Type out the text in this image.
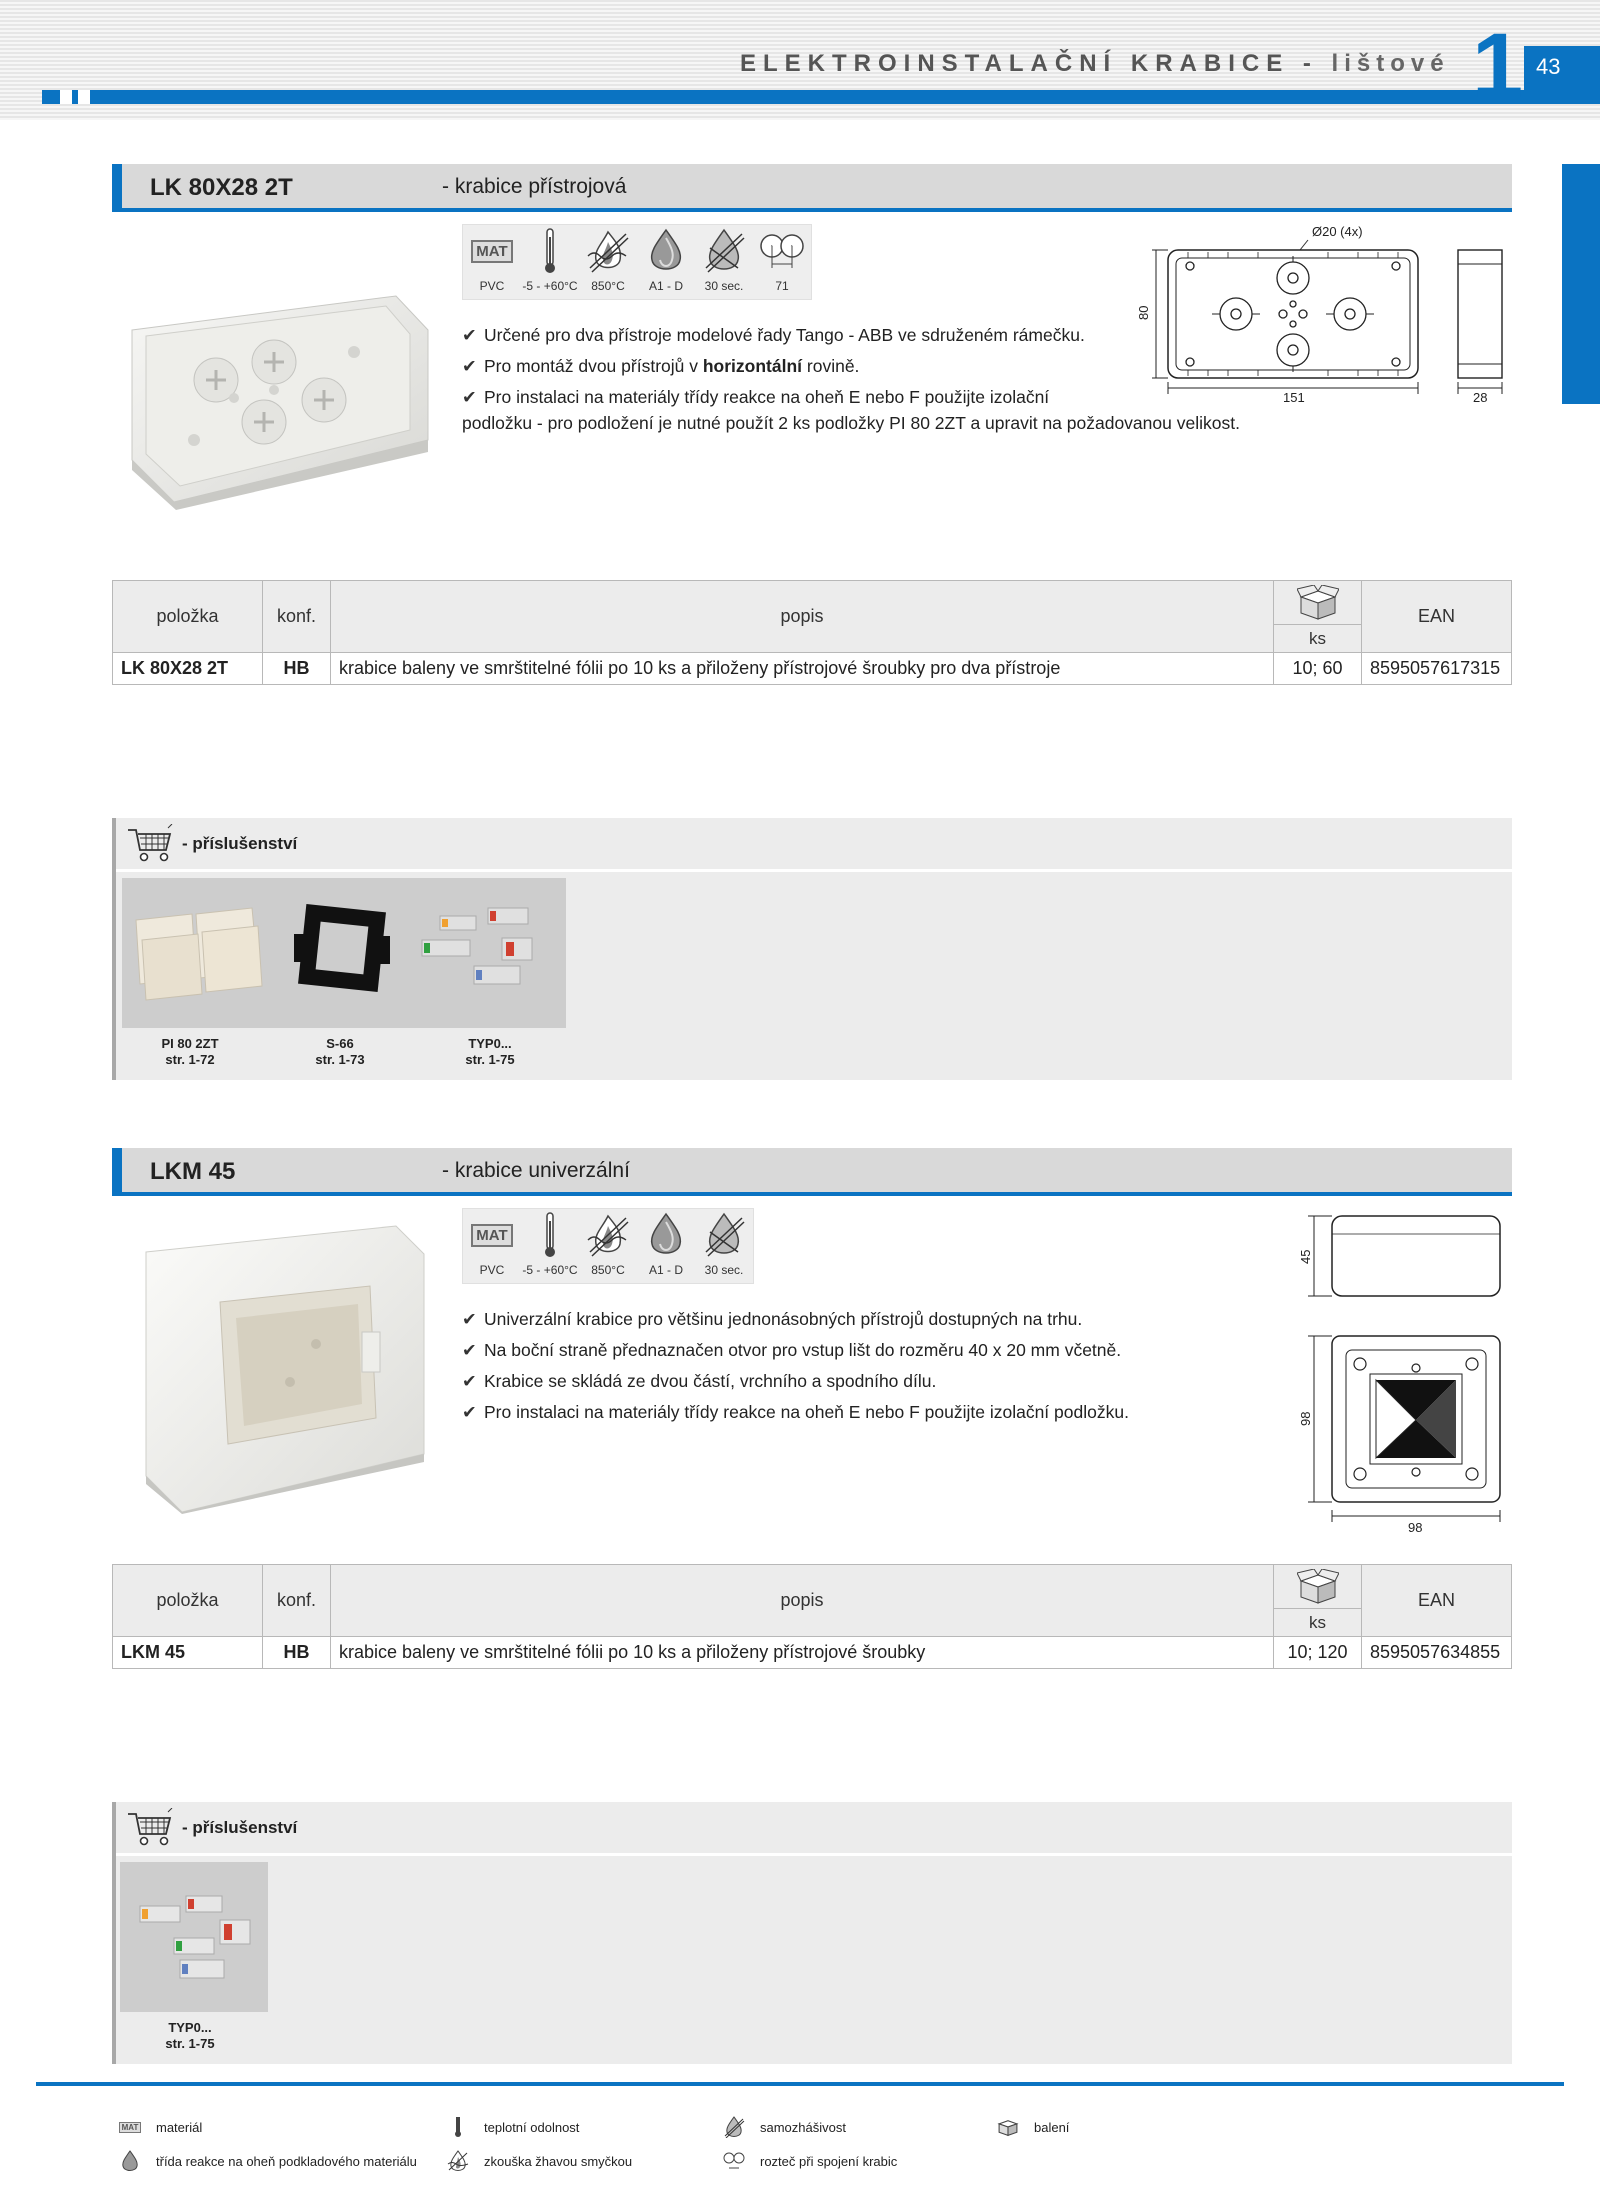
ELEKTROINSTALAČNÍ KRABICE - lištové 1 43
LK 80X28 2T	- krabice přístrojová
MAT
PVC -5 - +60°C 850°C A1 - D 30 sec.
↑ ↑
71
✔ Určené pro dva přístroje modelové řady Tango - ABB ve sdruženém rámečku.
✔ Pro montáž dvou přístrojů v horizontální rovině.
✔ Pro instalaci na materiály třídy reakce na oheň E nebo F použijte izolační
podložku - pro podložení je nutné použít 2 ks podložky PI 80 2ZT a upravit na požadovanou velikost.
Ø20 (4x)
80
151	28
položka	konf.	popis		EAN
			ks	
LK 80X28 2T	HB	krabice baleny ve smrštitelné fólii po 10 ks a přiloženy přístrojové šroubky pro dva přístroje	10; 60	8595057617315
- příslušenství
PI 80 2ZT
str. 1-72
S-66
str. 1-73
TYP0...
str. 1-75
LKM 45	- krabice univerzální
MAT
PVC -5 - +60°C 850°C A1 - D 30 sec.
✔ Univerzální krabice pro většinu jednonásobných přístrojů dostupných na trhu.
✔ Na boční straně přednaznačen otvor pro vstup lišt do rozměru 40 x 20 mm včetně.
✔ Krabice se skládá ze dvou částí, vrchního a spodního dílu.
✔ Pro instalaci na materiály třídy reakce na oheň E nebo F použijte izolační podložku.
45
98
98
položka	konf.	popis		EAN
			ks	
LKM 45	HB	krabice baleny ve smrštitelné fólii po 10 ks a přiloženy přístrojové šroubky	10; 120	8595057634855
- příslušenství
TYP0...
str. 1-75
MAT materiál	teplotní odolnost	samozhášivost	balení
třída reakce na oheň podkladového materiálu	zkouška žhavou smyčkou	rozteč při spojení krabic
